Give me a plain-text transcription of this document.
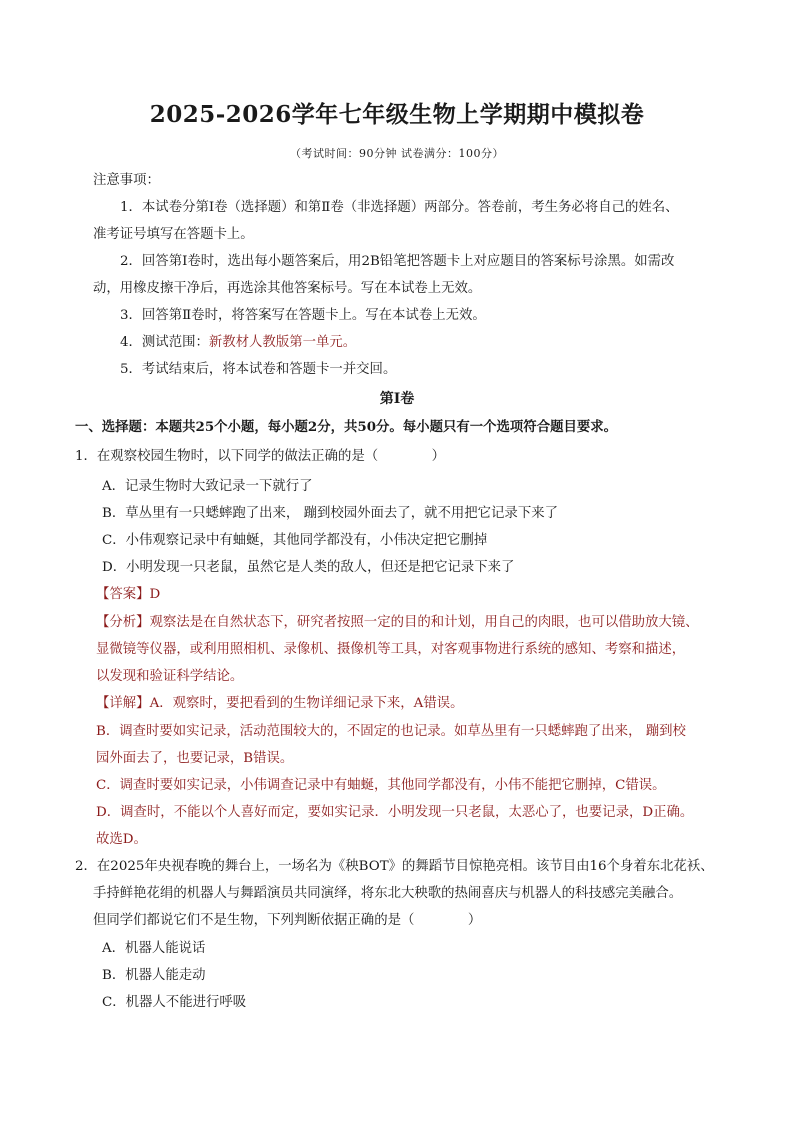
2025-2026学年七年级生物上学期期中模拟卷
（考试时间：90分钟 试卷满分：100分）
注意事项：
1．本试卷分第Ⅰ卷（选择题）和第Ⅱ卷（非选择题）两部分。答卷前，考生务必将自己的姓名、
准考证号填写在答题卡上。
2．回答第Ⅰ卷时，选出每小题答案后，用2B铅笔把答题卡上对应题目的答案标号涂黑。如需改
动，用橡皮擦干净后，再选涂其他答案标号。写在本试卷上无效。
3．回答第Ⅱ卷时，将答案写在答题卡上。写在本试卷上无效。
4．测试范围：新教材人教版第一单元。
5．考试结束后，将本试卷和答题卡一并交回。
第Ⅰ卷
一、选择题：本题共25个小题，每小题2分，共50分。每小题只有一个选项符合题目要求。
1．在观察校园生物时，以下同学的做法正确的是（　　　　）
A．记录生物时大致记录一下就行了
B．草丛里有一只蟋蟀跑了出来， 蹦到校园外面去了，就不用把它记录下来了
C．小伟观察记录中有蚰蜒，其他同学都没有，小伟决定把它删掉
D．小明发现一只老鼠，虽然它是人类的敌人，但还是把它记录下来了
【答案】D
【分析】观察法是在自然状态下，研究者按照一定的目的和计划，用自己的肉眼，也可以借助放大镜、
显微镜等仪器，或利用照相机、录像机、摄像机等工具，对客观事物进行系统的感知、考察和描述，
以发现和验证科学结论。
【详解】A．观察时，要把看到的生物详细记录下来，A错误。
B．调查时要如实记录，活动范围较大的，不固定的也记录。如草丛里有一只蟋蟀跑了出来， 蹦到校
园外面去了，也要记录，B错误。
C．调查时要如实记录，小伟调查记录中有蚰蜒，其他同学都没有，小伟不能把它删掉，C错误。
D．调查时，不能以个人喜好而定，要如实记录．小明发现一只老鼠，太恶心了，也要记录，D正确。
故选D。
2．在2025年央视春晚的舞台上，一场名为《秧BOT》的舞蹈节目惊艳亮相。该节目由16个身着东北花袄、
手持鲜艳花绢的机器人与舞蹈演员共同演绎，将东北大秧歌的热闹喜庆与机器人的科技感完美融合。
但同学们都说它们不是生物，下列判断依据正确的是（　　　　）
A．机器人能说话
B．机器人能走动
C．机器人不能进行呼吸
